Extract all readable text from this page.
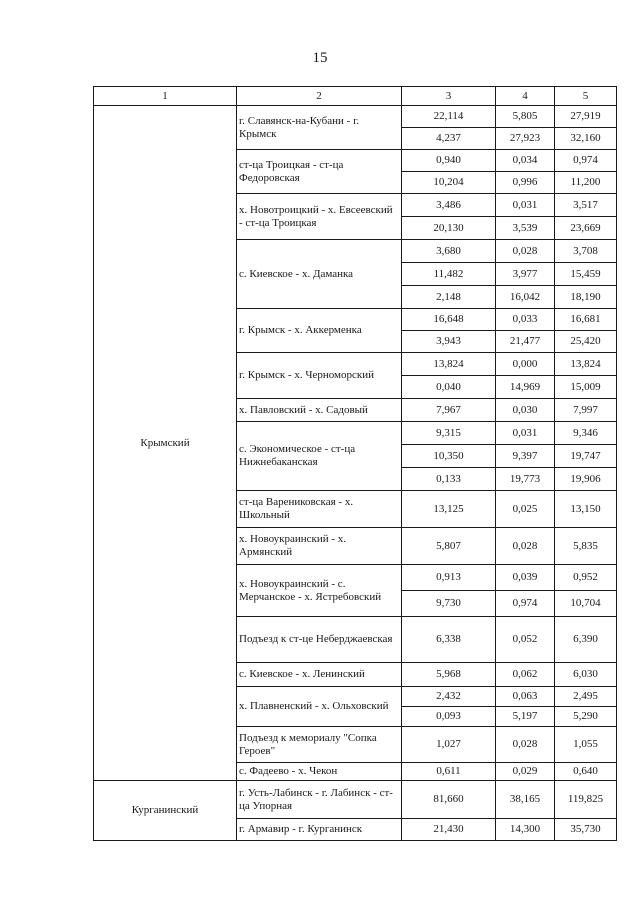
15
1	2	3	4	5
Крымский	г. Славянск-на-Кубани - г. Крымск	22,114	5,805	27,919
		4,237	27,923	32,160
	ст-ца Троицкая - ст-ца Федоровская	0,940	0,034	0,974
		10,204	0,996	11,200
	х. Новотроицкий - х. Евсеевский - ст-ца Троицкая	3,486	0,031	3,517
		20,130	3,539	23,669
	с. Киевское - х. Даманка	3,680	0,028	3,708
		11,482	3,977	15,459
		2,148	16,042	18,190
	г. Крымск - х. Аккерменка	16,648	0,033	16,681
		3,943	21,477	25,420
	г. Крымск - х. Черноморский	13,824	0,000	13,824
		0,040	14,969	15,009
	х. Павловский - х. Садовый	7,967	0,030	7,997
	с. Экономическое - ст-ца Нижнебаканская	9,315	0,031	9,346
		10,350	9,397	19,747
		0,133	19,773	19,906
	ст-ца Варениковская - х. Школьный	13,125	0,025	13,150
	х. Новоукраинский - х. Армянский	5,807	0,028	5,835
	х. Новоукраинский - с. Мерчанское - х. Ястребовский	0,913	0,039	0,952
		9,730	0,974	10,704
	Подъезд к ст-це Неберджаевская	6,338	0,052	6,390
	с. Киевское - х. Ленинский	5,968	0,062	6,030
	х. Плавненский - х. Ольховский	2,432	0,063	2,495
		0,093	5,197	5,290
	Подъезд к мемориалу "Сопка Героев"	1,027	0,028	1,055
	с. Фадеево - х. Чекон	0,611	0,029	0,640
Курганинский	г. Усть-Лабинск - г. Лабинск - ст-ца Упорная	81,660	38,165	119,825
	г. Армавир - г. Курганинск	21,430	14,300	35,730
